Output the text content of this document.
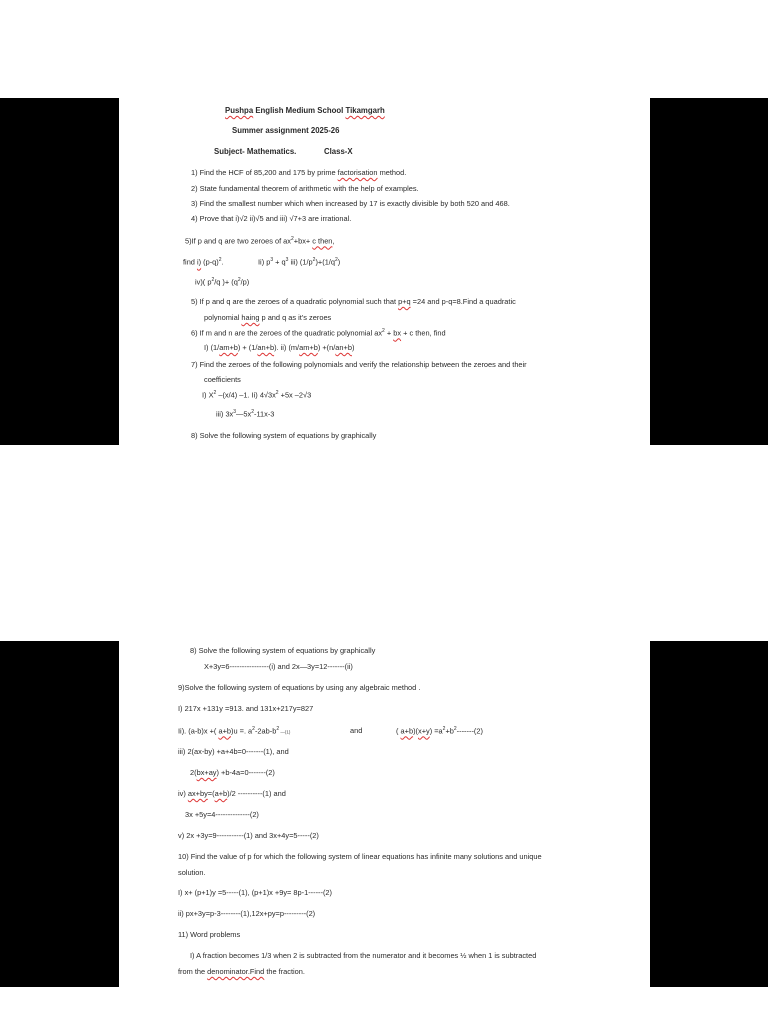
Pushpa English Medium School Tikamgarh
Summer assignment 2025-26
Subject- Mathematics.	Class-X
1) Find the HCF of 85,200 and 175 by prime factorisation method.
2) State fundamental theorem of arithmetic with the help of examples.
3) Find the smallest number which when increased by 17 is exactly divisible by both 520 and 468.
4) Prove that i)√2 ii)√5 and iii) √7+3 are irrational.
5)If p and q are two zeroes of $ax^2+bx+ c$ then,
find i) $(p-q)^2$.	Ii) $p^3 + q^3$ iii) $(1/p^2)+(1/q^2)$
iv)( $p^2/q$ )+ $(q^2/p)$
5) If p and q are the zeroes of a quadratic polynomial such that p+q =24 and p-q=8.Find a quadratic
polynomial haing p and q as it’s zeroes
6) If m and n are the zeroes of the quadratic polynomial $ax^2$ + bx + c then, find
I) (1/am+b) + (1/an+b). ii) (m/am+b) +(n/an+b)
7) Find the zeroes of the following polynomials and verify the relationship between the zeroes and their
coefficients
I) $X^2$ –(x/4) –1. Ii) $4√3x^2 +5x$ –2√3
iii) $3x^3—5x^2-11x-3$
8) Solve the following system of equations by graphically
8) Solve the following system of equations by graphically
X+3y=6----------------(i) and 2x—3y=12-------(ii)
9)Solve the following system of equations by using any algebraic method .
I) 217x +131y =913. and 131x+217y=827
Ii). (a-b)x +( a+b)u =. $a^2-2ab-b^2$ —(1)	and	( $a+b)(x+y) =a^2+b^2-------(2)$
iii) 2(ax-by) +a+4b=0-------(1), and
2(bx+ay) +b-4a=0-------(2)
iv) ax+by=(a+b)/2 ----------(1) and
3x +5y=4--------------(2)
v) 2x +3y=9-----------(1) and 3x+4y=5-----(2)
10) Find the value of p for which the following system of linear equations has infinite many solutions and unique
solution.
I) x+ (p+1)y =5-----(1), (p+1)x +9y= 8p-1------(2)
ii) px+3y=p-3--------(1),12x+py=p---------(2)
11) Word problems
I) A fraction becomes 1/3 when 2 is subtracted from the numerator and it becomes ½ when 1 is subtracted
from the denominator.Find the fraction.
